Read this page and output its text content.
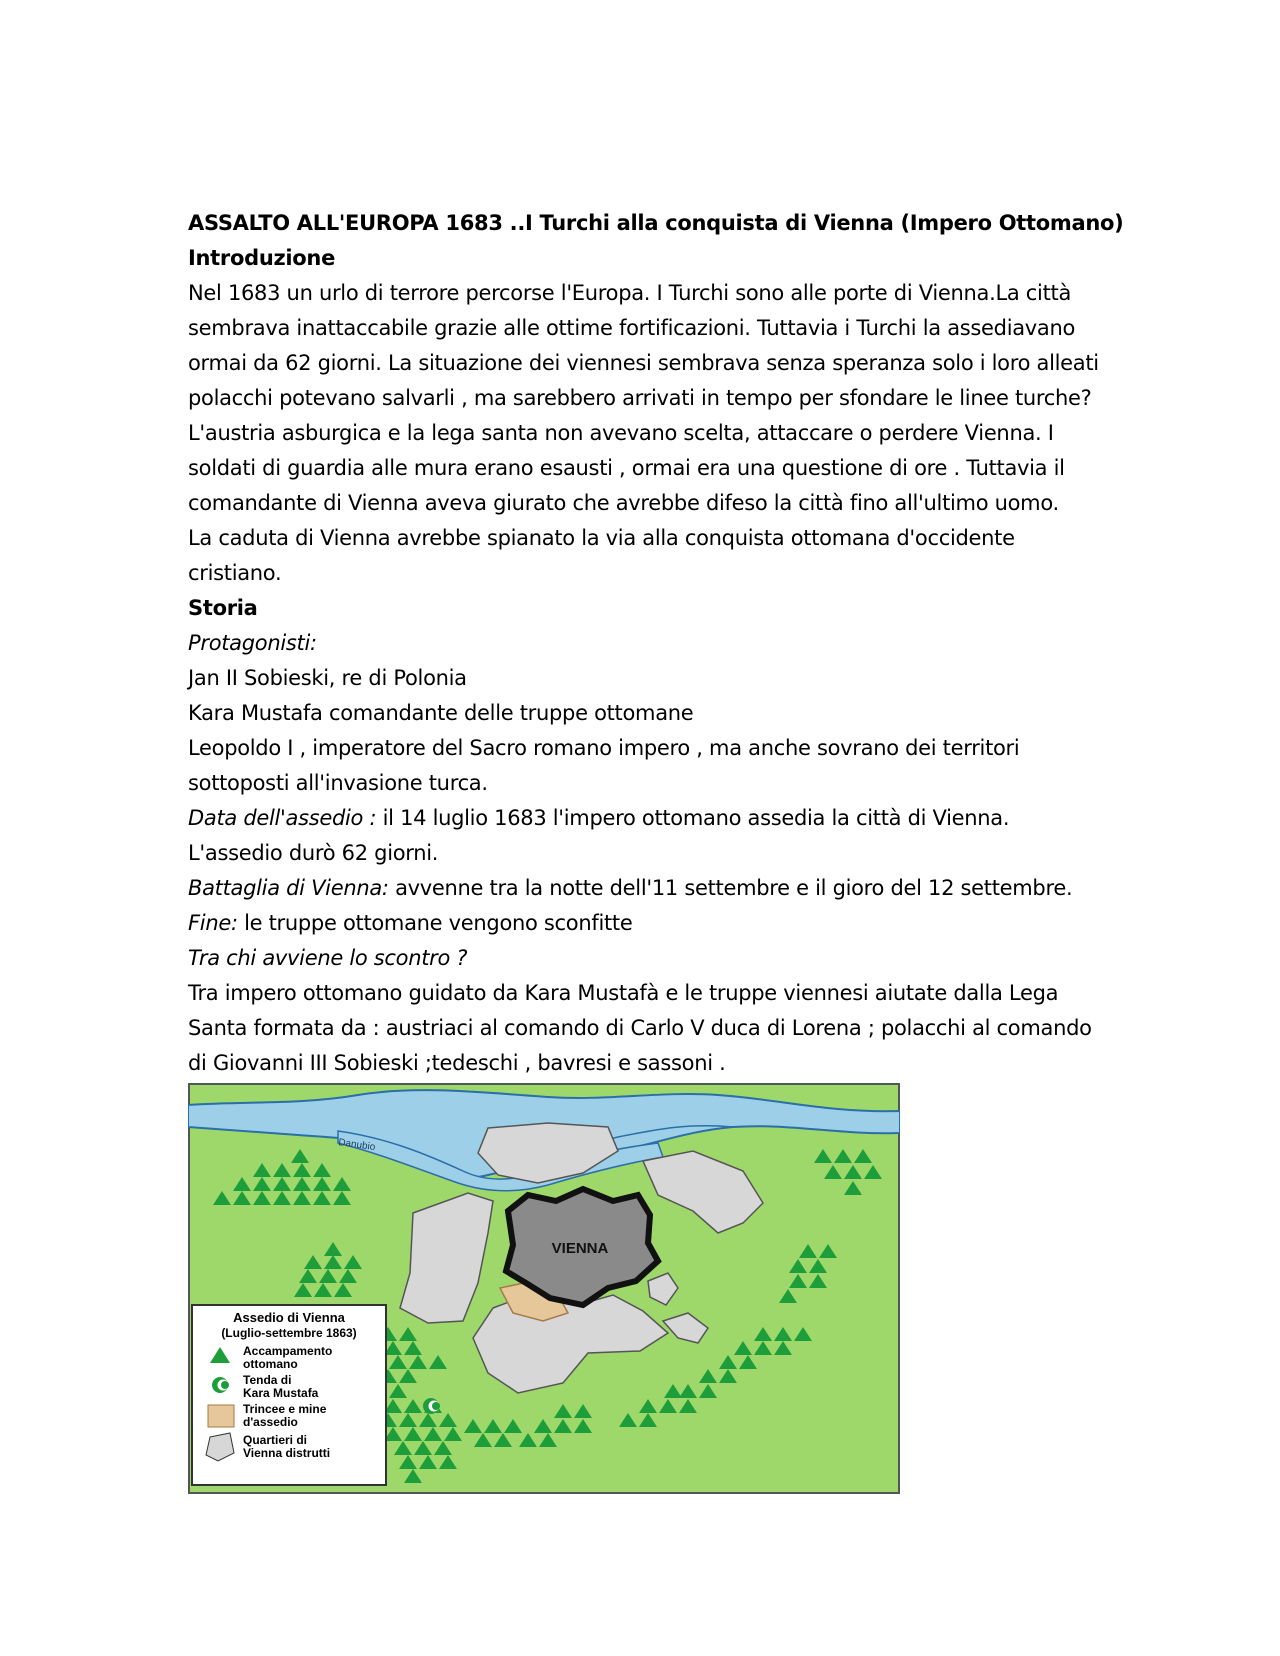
ASSALTO ALL'EUROPA 1683 ..I Turchi alla conquista di Vienna (Impero Ottomano)

Introduzione

Nel 1683 un urlo di terrore percorse l'Europa. I Turchi sono alle porte di Vienna.La città

sembrava inattaccabile grazie alle ottime fortificazioni. Tuttavia i Turchi la assediavano

ormai da 62 giorni. La situazione dei viennesi sembrava senza speranza solo i loro alleati

polacchi potevano salvarli , ma sarebbero arrivati in tempo per sfondare le linee turche?

L'austria asburgica e la lega santa non avevano scelta, attaccare o perdere Vienna. I

soldati di guardia alle mura erano esausti , ormai era una questione di ore . Tuttavia il

comandante di Vienna aveva giurato che avrebbe difeso la città fino all'ultimo uomo.

La caduta di Vienna avrebbe spianato la via alla conquista ottomana d'occidente

cristiano.

Storia

Protagonisti:

Jan II Sobieski, re di Polonia

Kara Mustafa comandante delle truppe ottomane

Leopoldo I , imperatore del Sacro romano impero , ma anche sovrano dei territori

sottoposti all'invasione turca.

Data dell'assedio : il 14 luglio 1683 l'impero ottomano assedia la città di Vienna.

L'assedio durò 62 giorni.

Battaglia di Vienna: avvenne tra la notte dell'11 settembre e il gioro del 12 settembre.

Fine: le truppe ottomane vengono sconfitte

Tra chi avviene lo scontro ?

Tra impero ottomano guidato da Kara Mustafà e le truppe viennesi aiutate dalla Lega

Santa formata da : austriaci al comando di Carlo V duca di Lorena ; polacchi al comando

di Giovanni III Sobieski ;tedeschi , bavresi e sassoni .

Danubio
VIENNA
Assedio di Vienna
(Luglio-settembre 1863)
Accampamento
ottomano
Tenda di
Kara Mustafa
Trincee e mine
d'assedio
Quartieri di
Vienna distrutti
